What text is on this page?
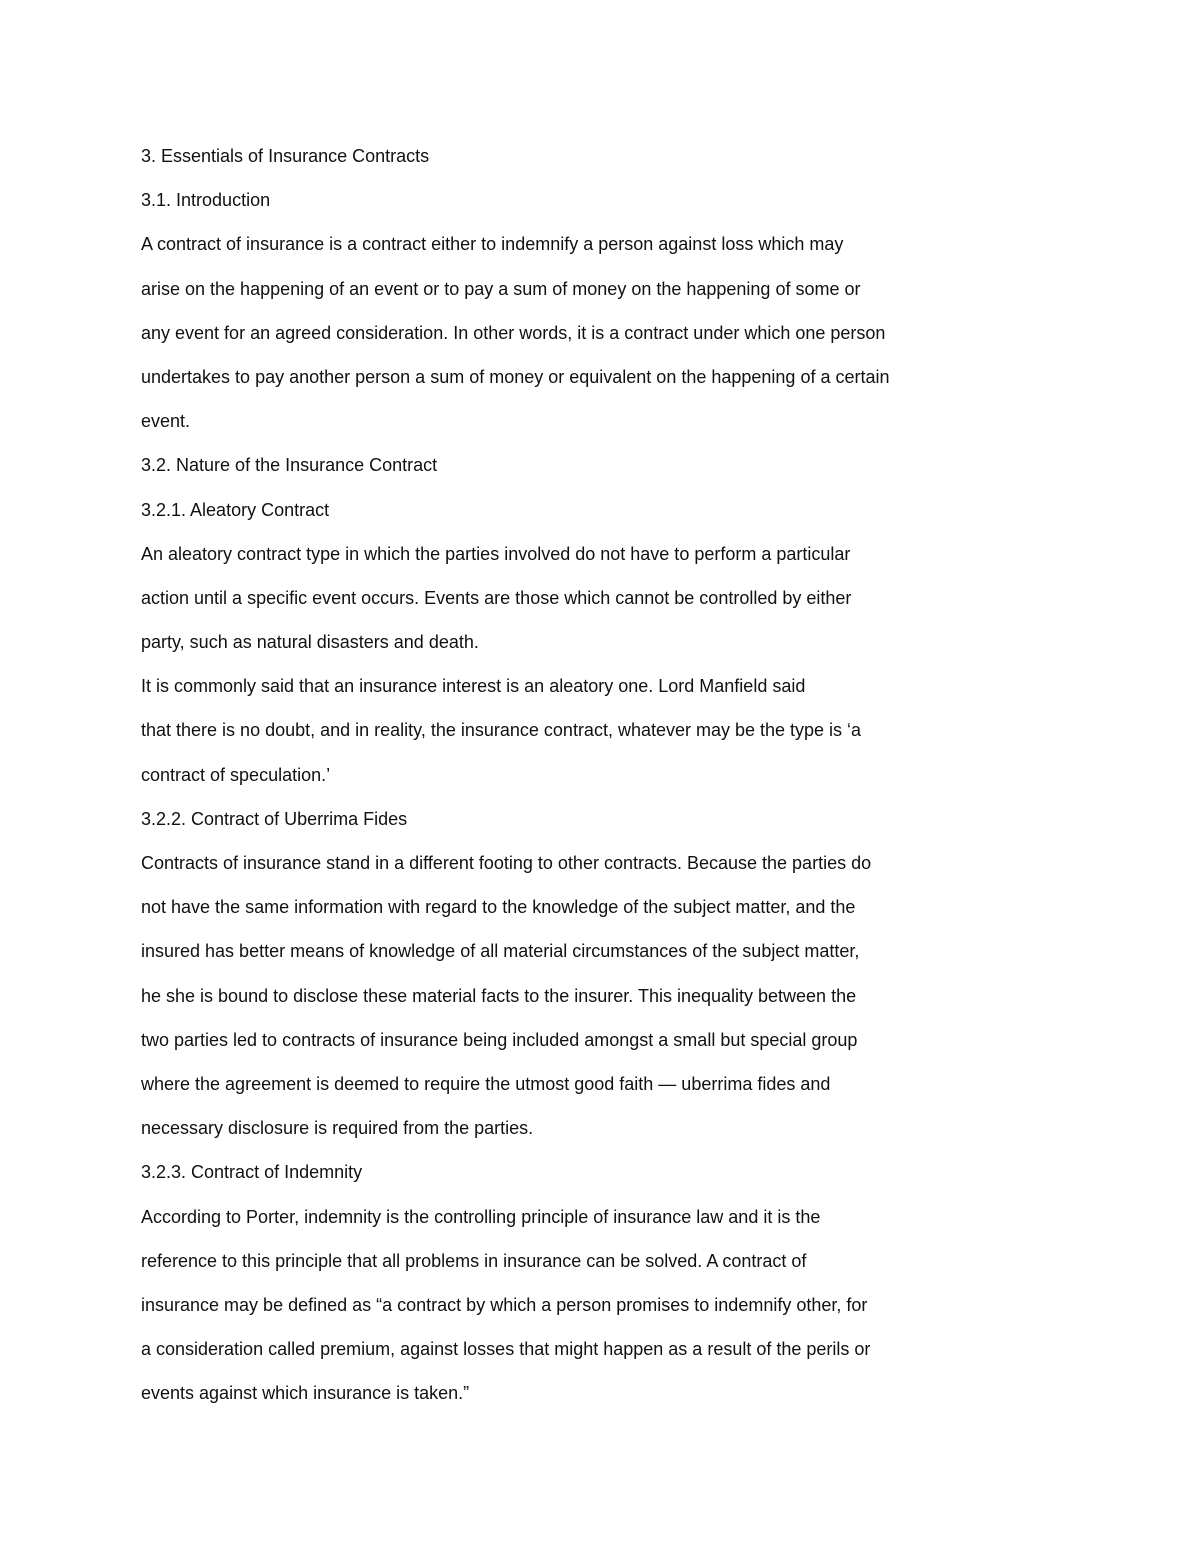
3. Essentials of Insurance Contracts
3.1. Introduction
A contract of insurance is a contract either to indemnify a person against loss which may
arise on the happening of an event or to pay a sum of money on the happening of some or
any event for an agreed consideration. In other words, it is a contract under which one person
undertakes to pay another person a sum of money or equivalent on the happening of a certain
event.
3.2. Nature of the Insurance Contract
3.2.1. Aleatory Contract
An aleatory contract type in which the parties involved do not have to perform a particular
action until a specific event occurs. Events are those which cannot be controlled by either
party, such as natural disasters and death.
It is commonly said that an insurance interest is an aleatory one. Lord Manfield said
that there is no doubt, and in reality, the insurance contract, whatever may be the type is ‘a
contract of speculation.’
3.2.2. Contract of Uberrima Fides
Contracts of insurance stand in a different footing to other contracts. Because the parties do
not have the same information with regard to the knowledge of the subject matter, and the
insured has better means of knowledge of all material circumstances of the subject matter,
he she is bound to disclose these material facts to the insurer. This inequality between the
two parties led to contracts of insurance being included amongst a small but special group
where the agreement is deemed to require the utmost good faith — uberrima fides and
necessary disclosure is required from the parties.
3.2.3. Contract of Indemnity
According to Porter, indemnity is the controlling principle of insurance law and it is the
reference to this principle that all problems in insurance can be solved. A contract of
insurance may be defined as “a contract by which a person promises to indemnify other, for
a consideration called premium, against losses that might happen as a result of the perils or
events against which insurance is taken.”
